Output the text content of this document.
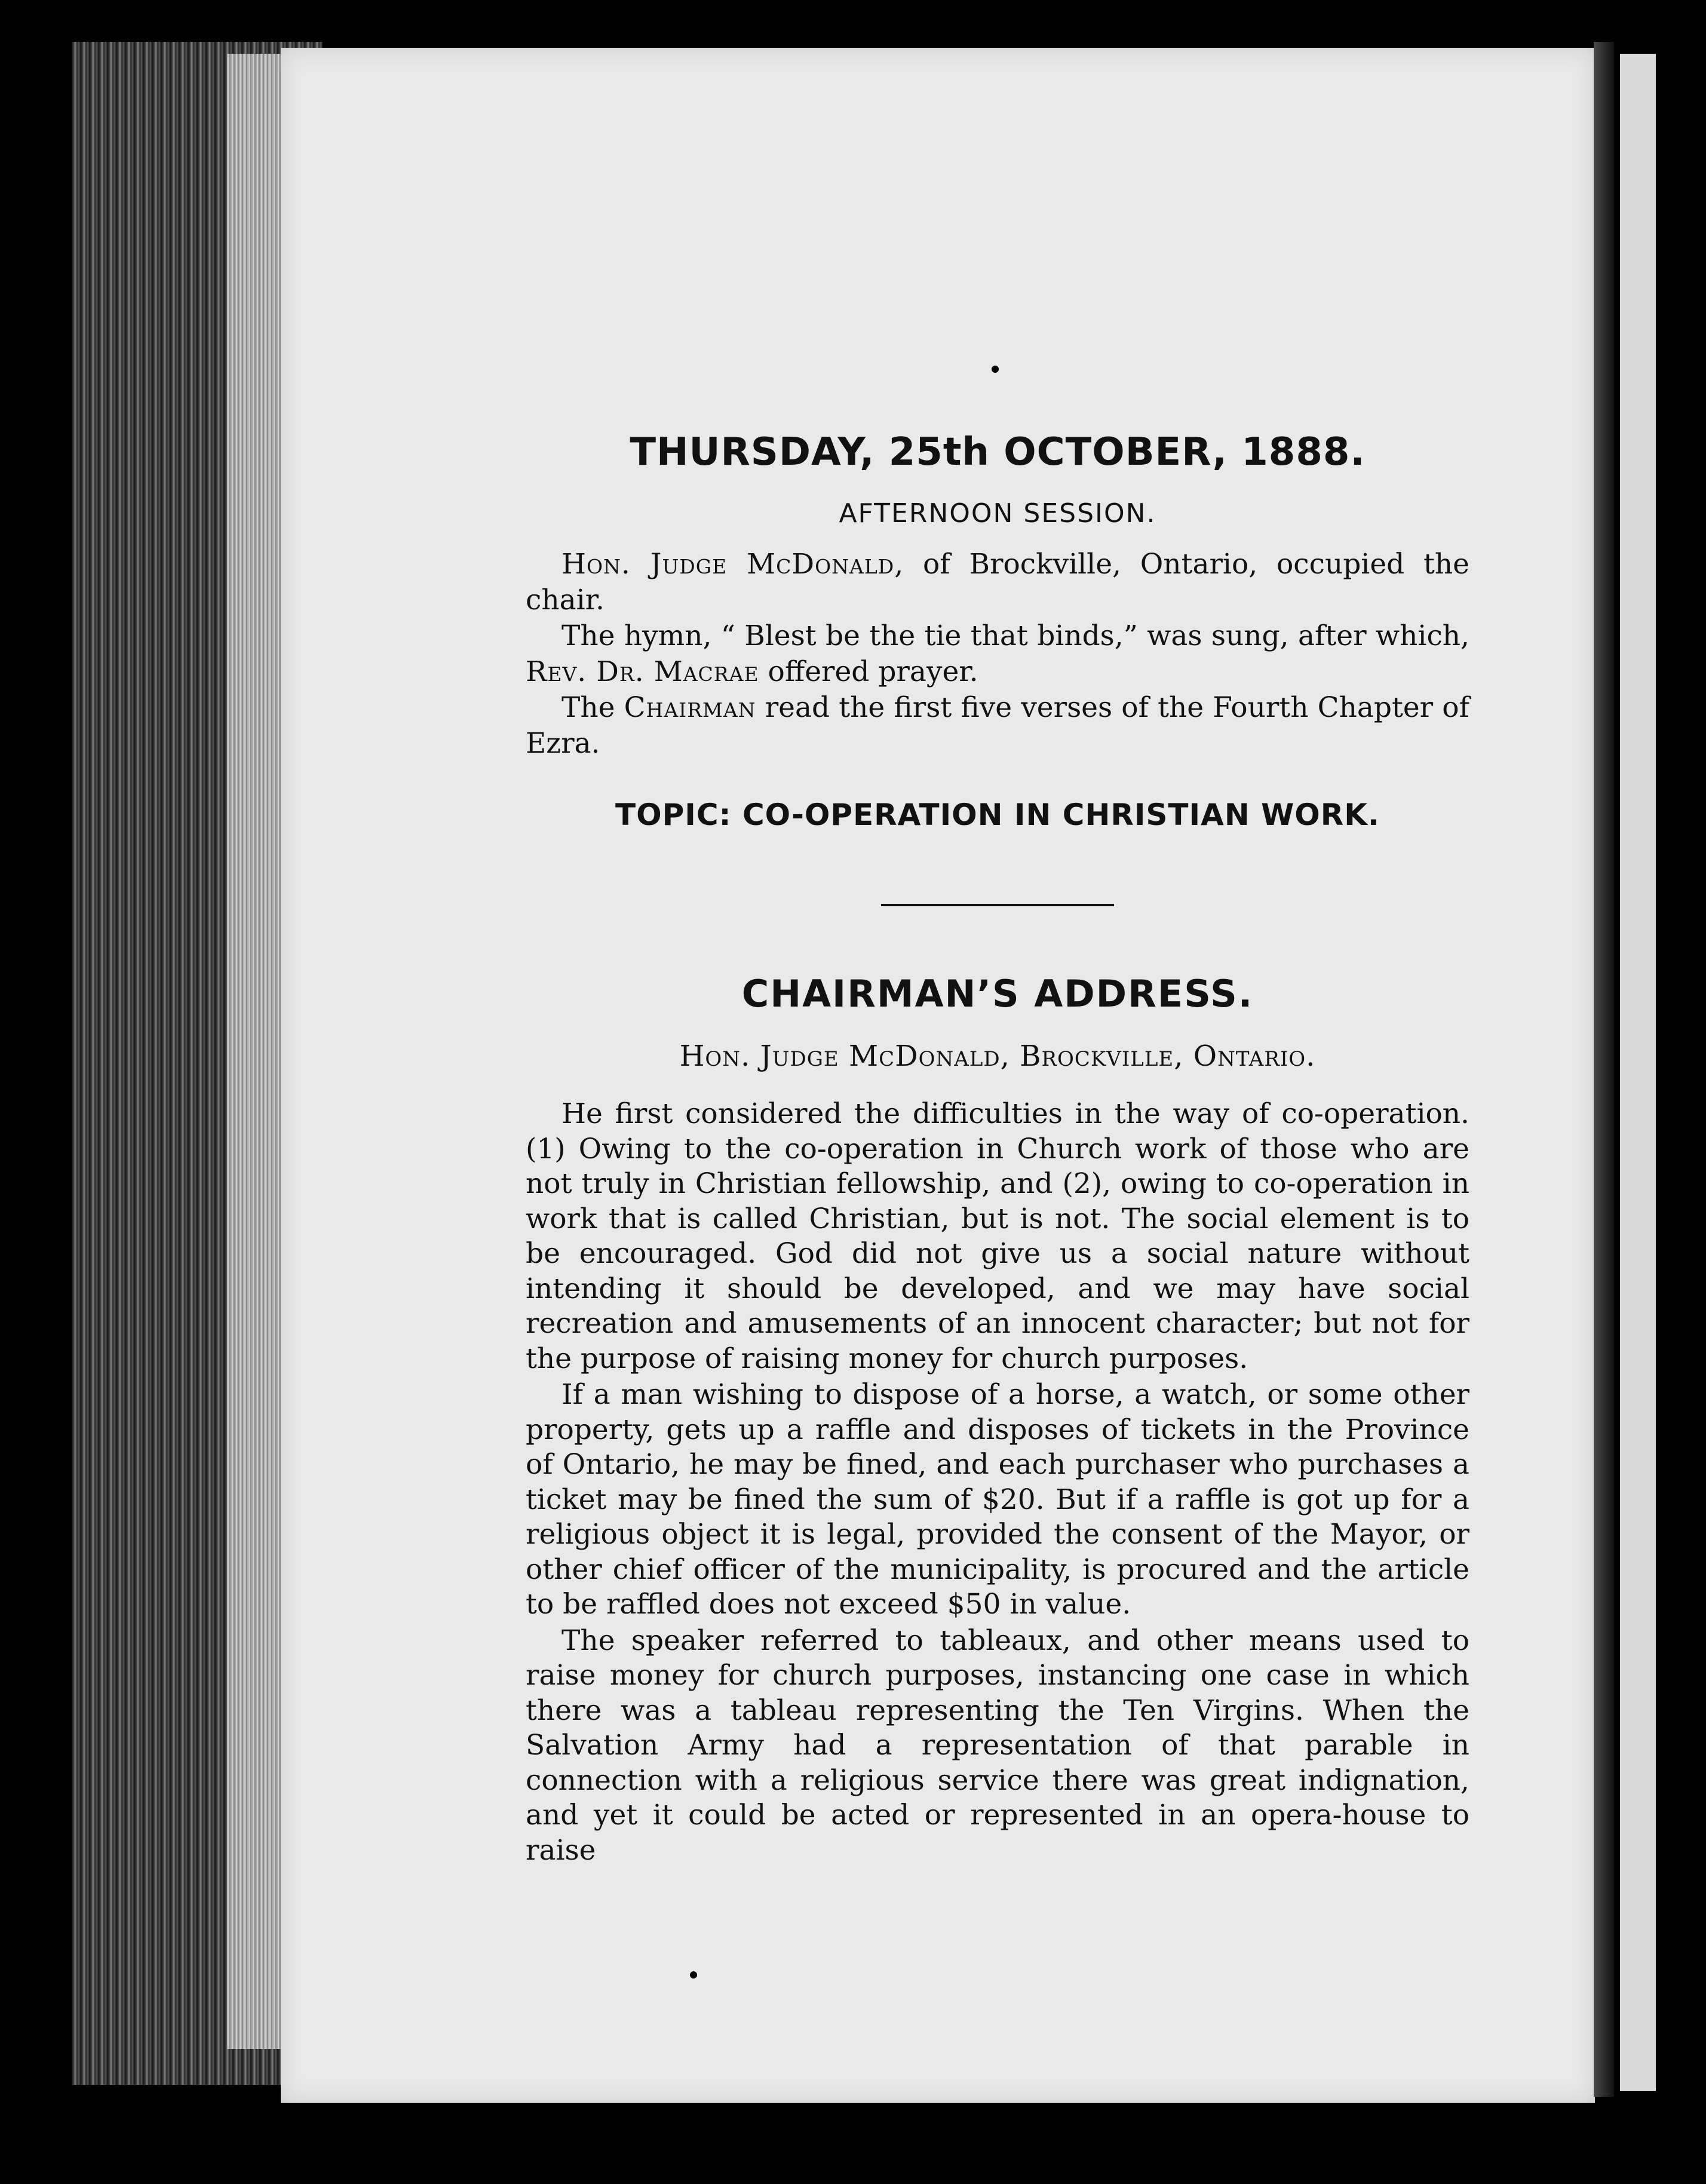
THURSDAY, 25th OCTOBER, 1888.
AFTERNOON SESSION.

Hon. Judge McDonald, of Brockville, Ontario, occupied the chair.

The hymn, “ Blest be the tie that binds,” was sung, after which, Rev. Dr. Macrae offered prayer.

The Chairman read the first five verses of the Fourth Chapter of Ezra.

TOPIC: CO-OPERATION IN CHRISTIAN WORK.
CHAIRMAN’S ADDRESS.
Hon. Judge McDonald, Brockville, Ontario.

He first considered the difficulties in the way of co-operation. (1) Owing to the co-operation in Church work of those who are not truly in Christian fellowship, and (2), owing to co-operation in work that is called Christian, but is not. The social element is to be encouraged. God did not give us a social nature without intending it should be developed, and we may have social recreation and amusements of an innocent character; but not for the purpose of raising money for church purposes.

If a man wishing to dispose of a horse, a watch, or some other property, gets up a raffle and disposes of tickets in the Province of Ontario, he may be fined, and each purchaser who purchases a ticket may be fined the sum of $20. But if a raffle is got up for a religious object it is legal, provided the consent of the Mayor, or other chief officer of the municipality, is procured and the article to be raffled does not exceed $50 in value.

The speaker referred to tableaux, and other means used to raise money for church purposes, instancing one case in which there was a tableau representing the Ten Virgins. When the Salvation Army had a representation of that parable in connection with a religious service there was great indignation, and yet it could be acted or represented in an opera-house to raise
